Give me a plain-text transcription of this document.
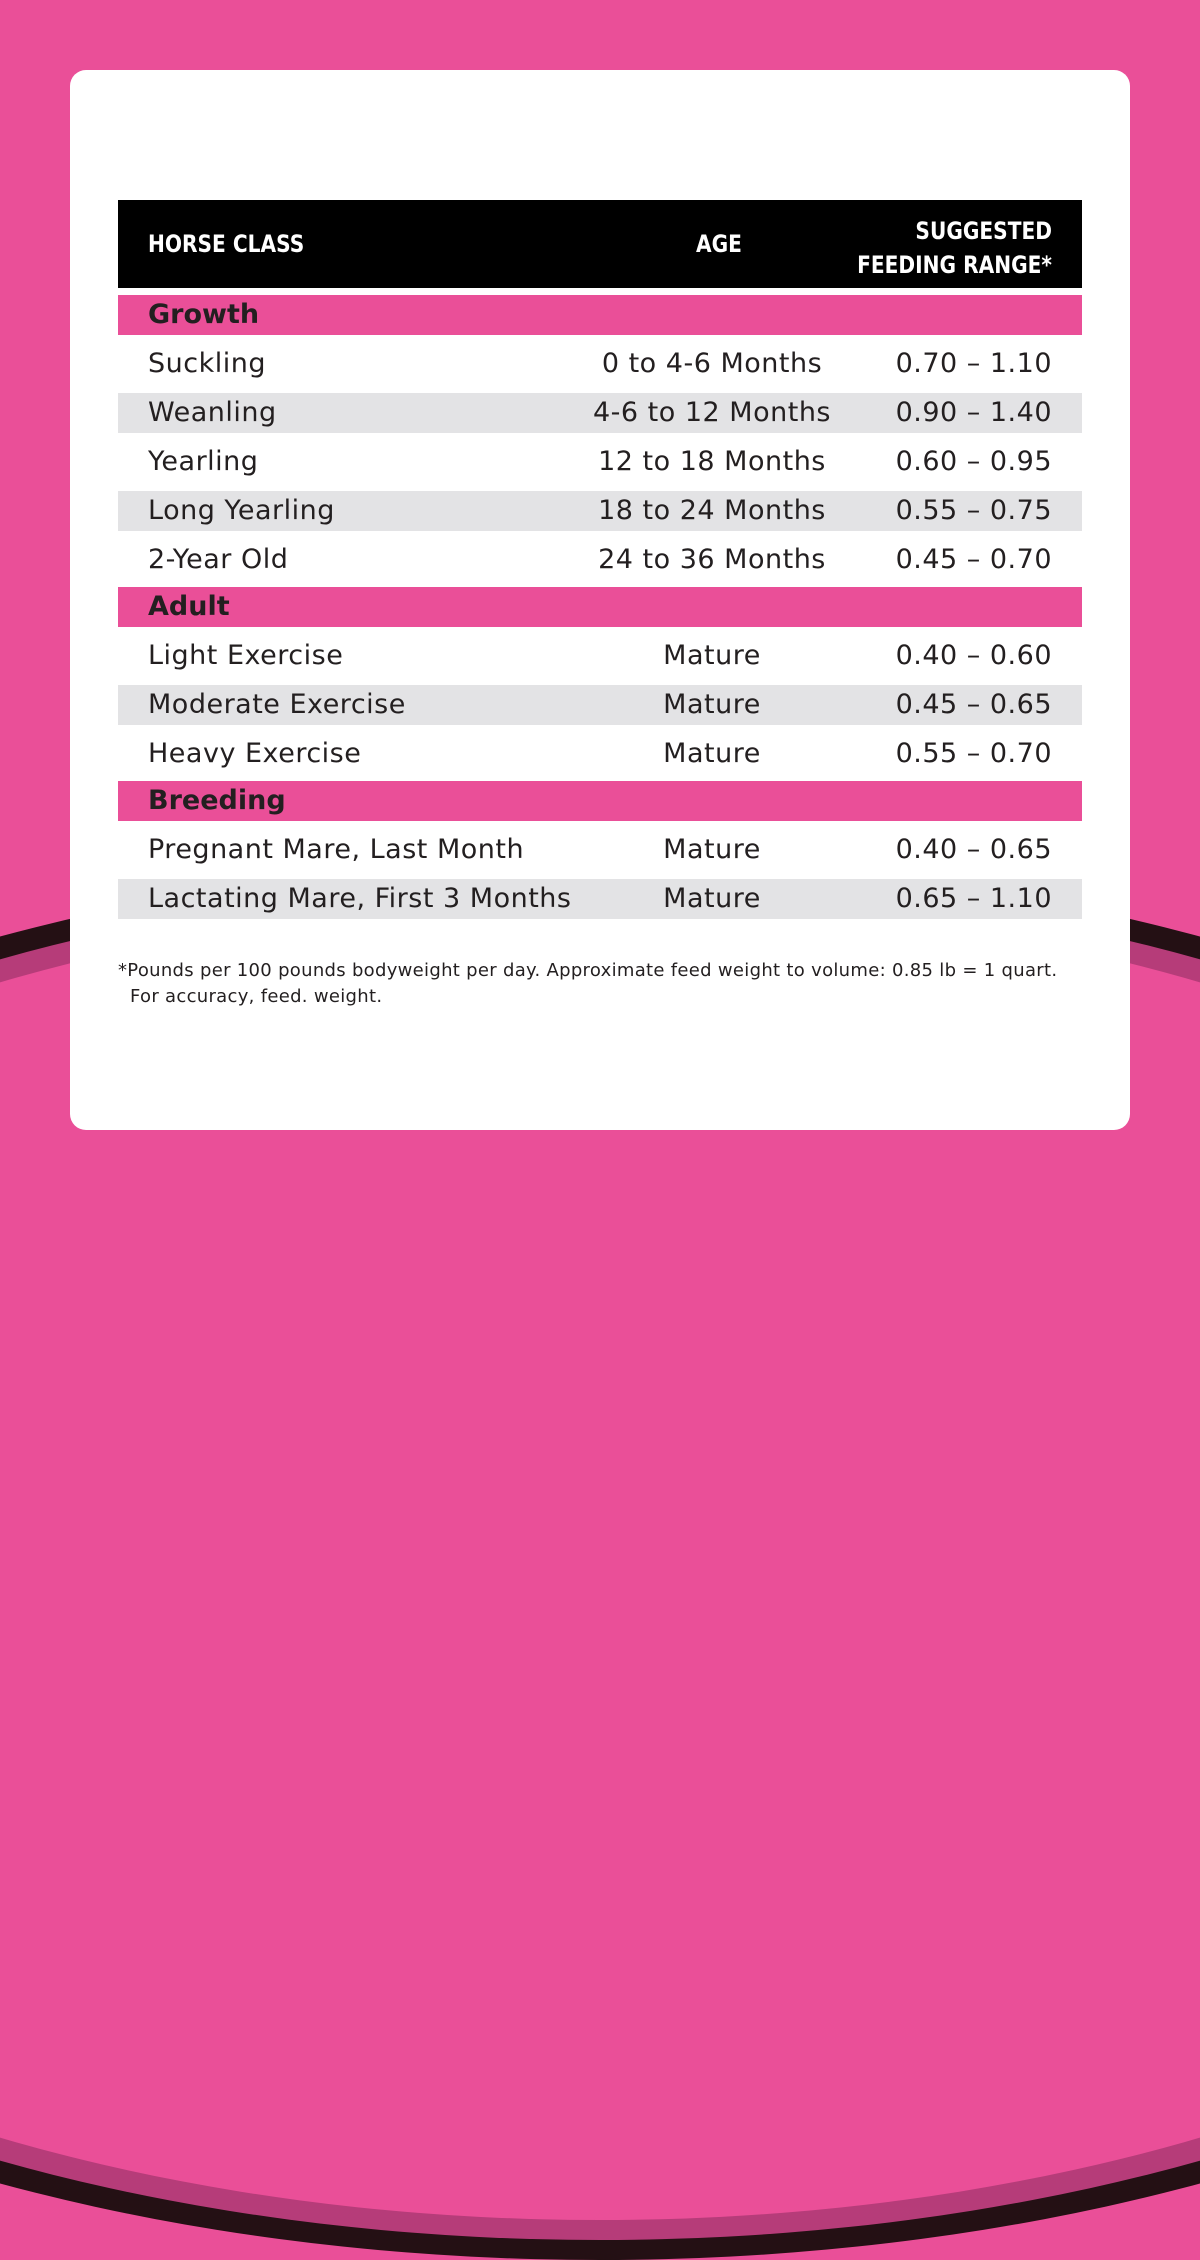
HORSE CLASS	AGE	SUGGESTED
FEEDING RANGE*
Growth
Suckling	0 to 4-6 Months	0.70 – 1.10
Weanling	4-6 to 12 Months 0.90 – 1.40
Yearling	12 to 18 Months	0.60 – 0.95
Long Yearling	18 to 24 Months	0.55 – 0.75
2-Year Old	24 to 36 Months	0.45 – 0.70
Adult
Light Exercise	Mature	0.40 – 0.60
Moderate Exercise	Mature	0.45 – 0.65
Heavy Exercise	Mature	0.55 – 0.70
Breeding
Pregnant Mare, Last Month	Mature	0.40 – 0.65
Lactating Mare, First 3 Months	Mature	0.65 – 1.10
*Pounds per 100 pounds bodyweight per day. Approximate feed weight to volume: 0.85 lb = 1 quart.
For accuracy, feed. weight.
